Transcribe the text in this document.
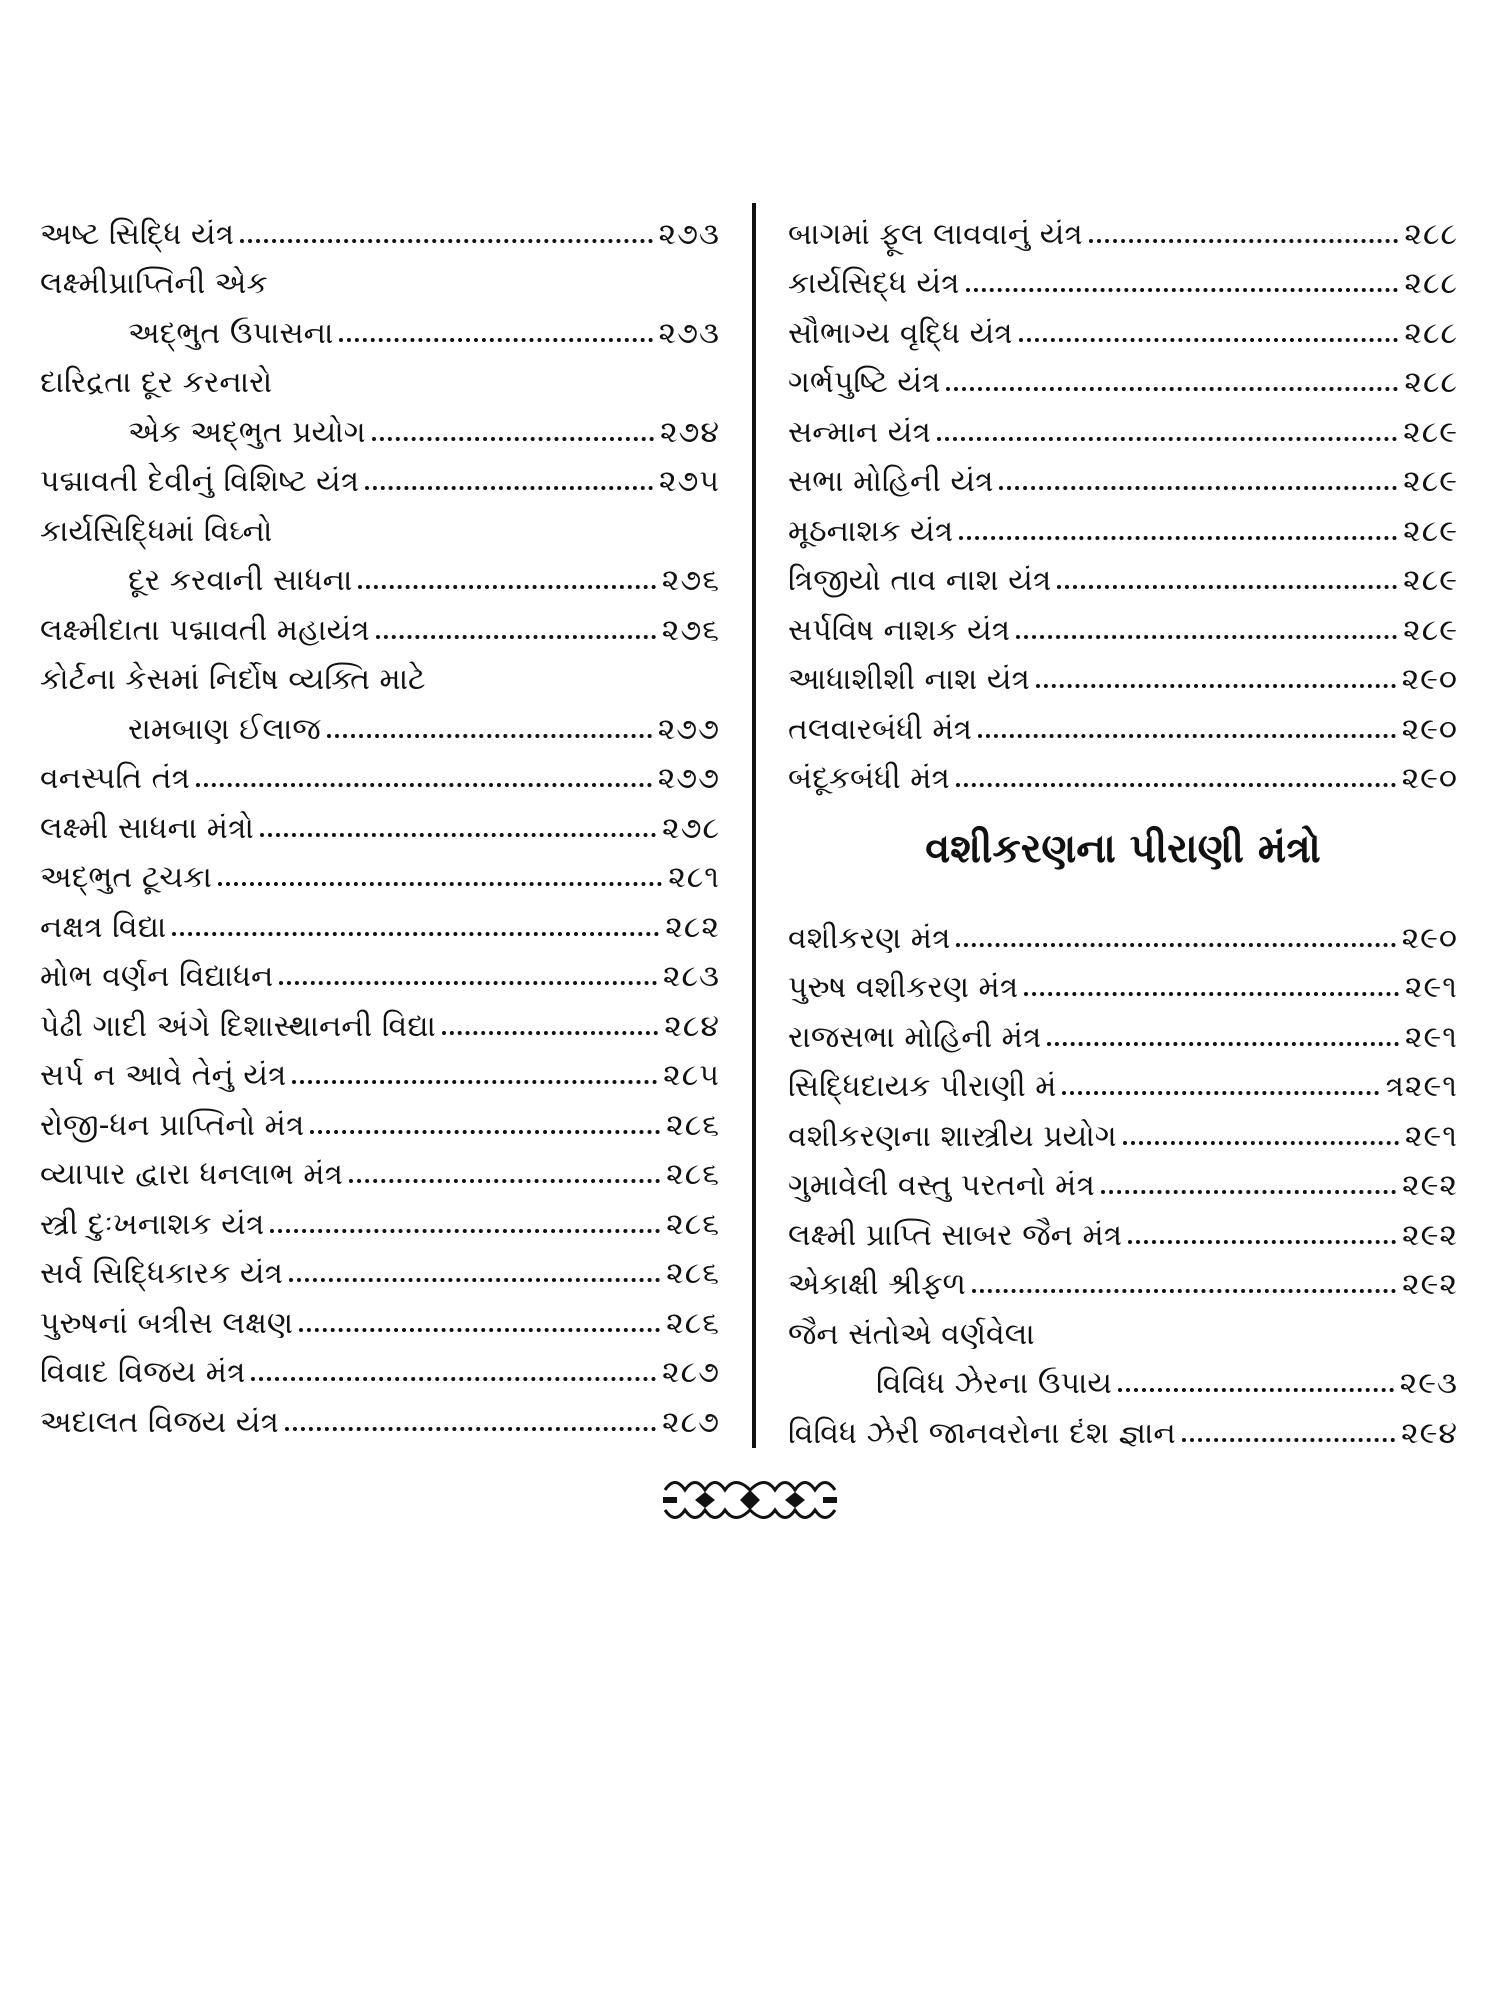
અષ્ટ સિદ્ધિ યંત્ર	૨૭૩
લક્ષ્મીપ્રાપ્તિની એક
અદ્ભુત ઉપાસના	૨૭૩
દારિદ્રતા દૂર કરનારો
એક અદ્ભુત પ્રયોગ	૨૭૪
પદ્માવતી દેવીનું વિશિષ્ટ યંત્ર	૨૭૫
કાર્યસિદ્ધિમાં વિઘ્નો
દૂર કરવાની સાધના	૨૭૬
લક્ષ્મીદાતા પદ્માવતી મહાયંત્ર	૨૭૬
કોર્ટના કેસમાં નિર્દોષ વ્યક્તિ માટે
રામબાણ ઈલાજ	૨૭૭
વનસ્પતિ તંત્ર	૨૭૭
લક્ષ્મી સાધના મંત્રો	૨૭૮
અદ્ભુત ટૂચકા	૨૮૧
નક્ષત્ર વિદ્યા	૨૮૨
મોભ વર્ણન વિદ્યાધન	૨૮૩
પેઢી ગાદી અંગે દિશાસ્થાનની વિદ્યા	૨૮૪
સર્પ ન આવે તેનું યંત્ર	૨૮૫
રોજી-ધન પ્રાપ્તિનો મંત્ર	૨૮૬
વ્યાપાર દ્વારા ધનલાભ મંત્ર	૨૮૬
સ્ત્રી દુઃખનાશક યંત્ર	૨૮૬
સર્વ સિદ્ધિકારક યંત્ર	૨૮૬
પુરુષનાં બત્રીસ લક્ષણ	૨૮૬
વિવાદ વિજય મંત્ર	૨૮૭
અદાલત વિજય યંત્ર	૨૮૭
બાગમાં ફૂલ લાવવાનું યંત્ર	૨૮૮
કાર્યસિદ્ધ યંત્ર	૨૮૮
સૌભાગ્ય વૃદ્ધિ યંત્ર	૨૮૮
ગર્ભપુષ્ટિ યંત્ર	૨૮૮
સન્માન યંત્ર	૨૮૯
સભા મોહિની યંત્ર	૨૮૯
મૂઠનાશક યંત્ર	૨૮૯
ત્રિજીયો તાવ નાશ યંત્ર	૨૮૯
સર્પવિષ નાશક યંત્ર	૨૮૯
આધાશીશી નાશ યંત્ર	૨૯૦
તલવારબંધી મંત્ર	૨૯૦
બંદૂકબંધી મંત્ર	૨૯૦
વશીકરણના પીરાણી મંત્રો
વશીકરણ મંત્ર	૨૯૦
પુરુષ વશીકરણ મંત્ર	૨૯૧
રાજસભા મોહિની મંત્ર	૨૯૧
સિદ્ધિદાયક પીરાણી મં	ત્ર૨૯૧
વશીકરણના શાસ્ત્રીય પ્રયોગ	૨૯૧
ગુમાવેલી વસ્તુ પરતનો મંત્ર	૨૯૨
લક્ષ્મી પ્રાપ્તિ સાબર જૈન મંત્ર	૨૯૨
એકાક્ષી શ્રીફળ	૨૯૨
જૈન સંતોએ વર્ણવેલા
વિવિધ ઝેરના ઉપાય	૨૯૩
વિવિધ ઝેરી જાનવરોના દંશ જ્ઞાન	૨૯૪
